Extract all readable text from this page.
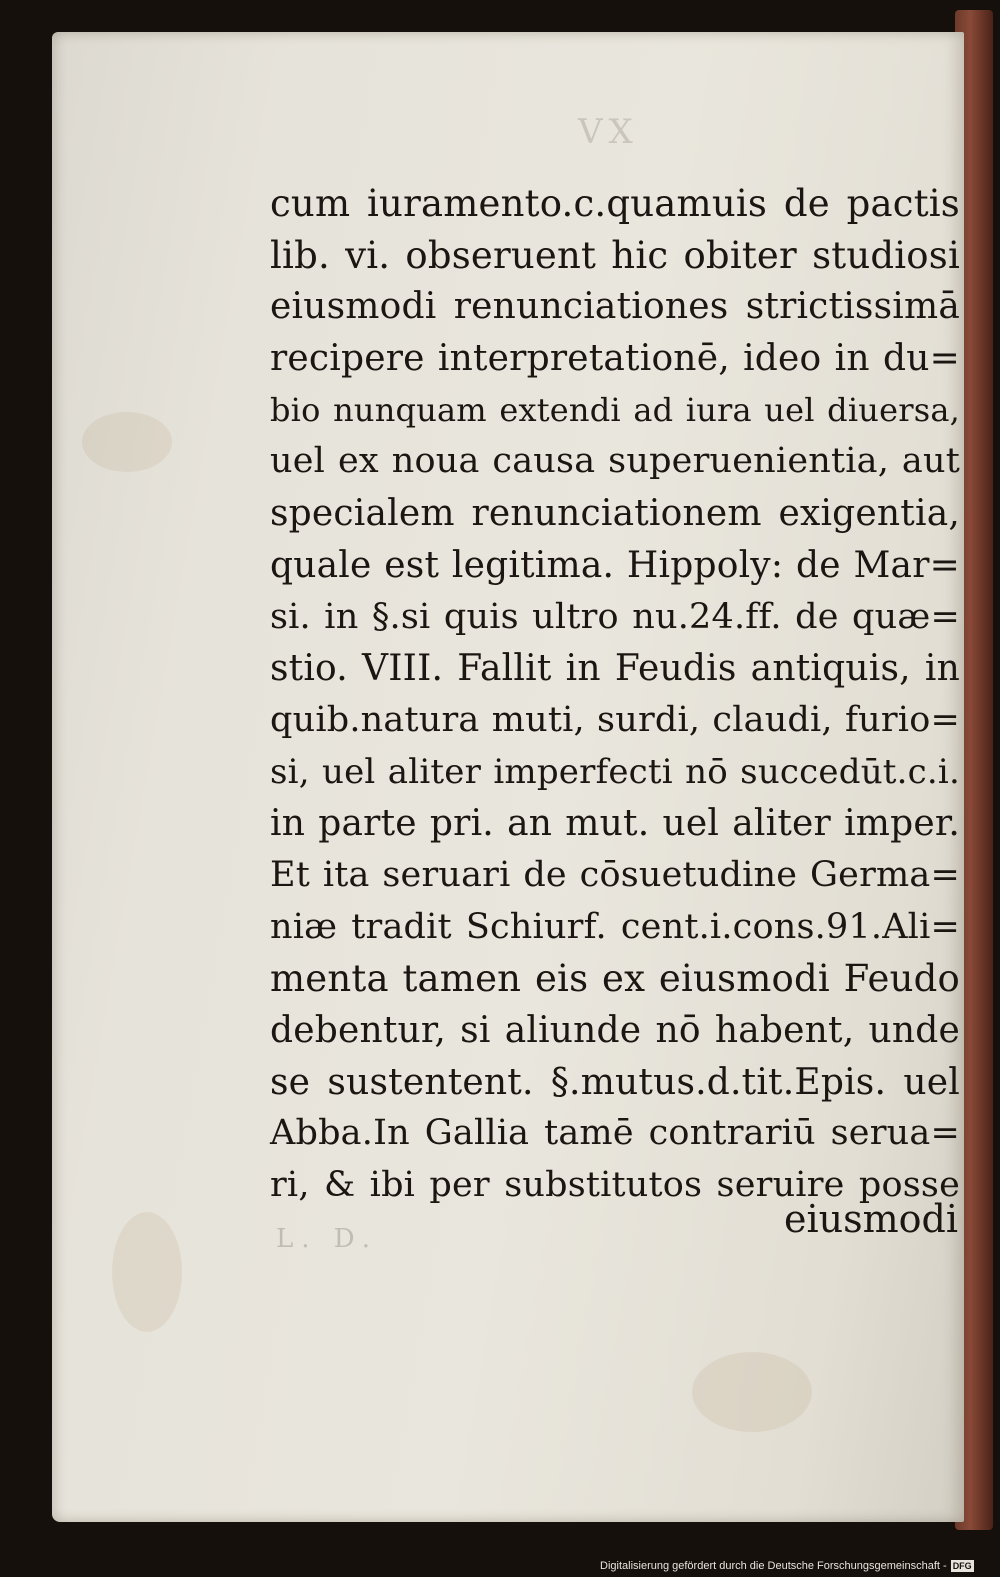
VX
cum iuramento.c.quamuis de pactis
lib. vi. obseruent hic obiter studiosi
eiusmodi renunciationes strictissimā
recipere interpretationē, ideo in du=
bio nunquam extendi ad iura uel diuersa,
uel ex noua causa superuenientia, aut
specialem renunciationem exigentia,
quale est legitima. Hippoly: de Mar=
si. in §.si quis ultro nu.24.ff. de quæ=
stio. VIII. Fallit in Feudis antiquis, in
quib.natura muti, surdi, claudi, furio=
si, uel aliter imperfecti nō succedūt.c.i.
in parte pri. an mut. uel aliter imper.
Et ita seruari de cōsuetudine Germa=
niæ tradit Schiurf. cent.i.cons.91.Ali=
menta tamen eis ex eiusmodi Feudo
debentur, si aliunde nō habent, unde
se sustentent. §.mutus.d.tit.Epis. uel
Abba.In Gallia tamē contrariū serua=
ri, & ibi per substitutos seruire posse
eiusmodi
L. D.
Digitalisierung gefördert durch die Deutsche Forschungsgemeinschaft - DFG
